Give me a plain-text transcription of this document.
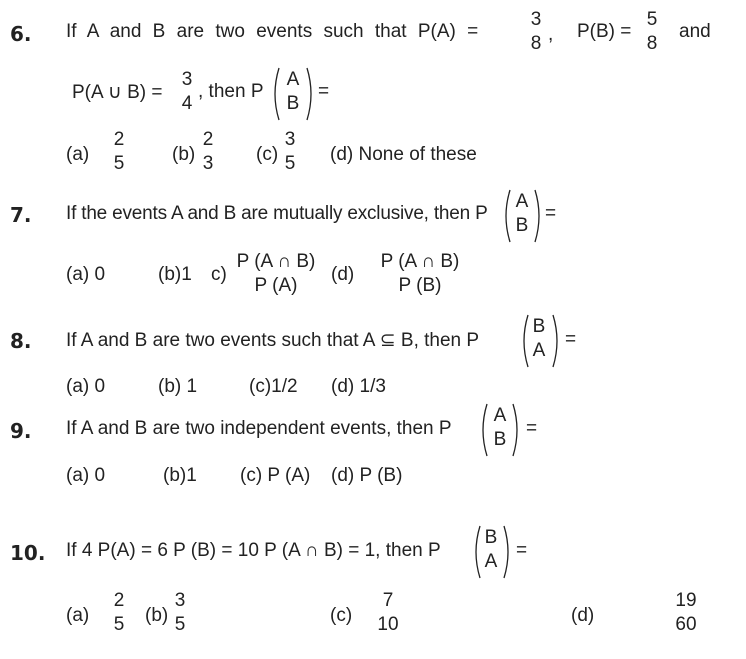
6. If A and B are two events such that P(A) =
3
8 , P(B) =
5
8
and
P(A ∪ B) =
3
4
, then P
A
B
=
(a)
2
5	(b)
2
3 (c)
3
5 (d) None of these
7. If the events A and B are mutually exclusive, then P
A
B
=
(a) 0	(b)1 c)
P (A ∩ B)
P (A)
(d)
P (A ∩ B)
P (B)
8. If A and B are two events such that A ⊆ B, then P
B
A
=
(a) 0	(b) 1	(c)1/2 (d) 1/3
9. If A and B are two independent events, then P
A
B
=
(a) 0	(b)1 (c) P (A) (d) P (B)
10. If 4 P(A) = 6 P (B) = 10 P (A ∩ B) = 1, then P
B
A
=
(a)
2
5 (b)
3
5	(c)
7
10	(d)
19
60
